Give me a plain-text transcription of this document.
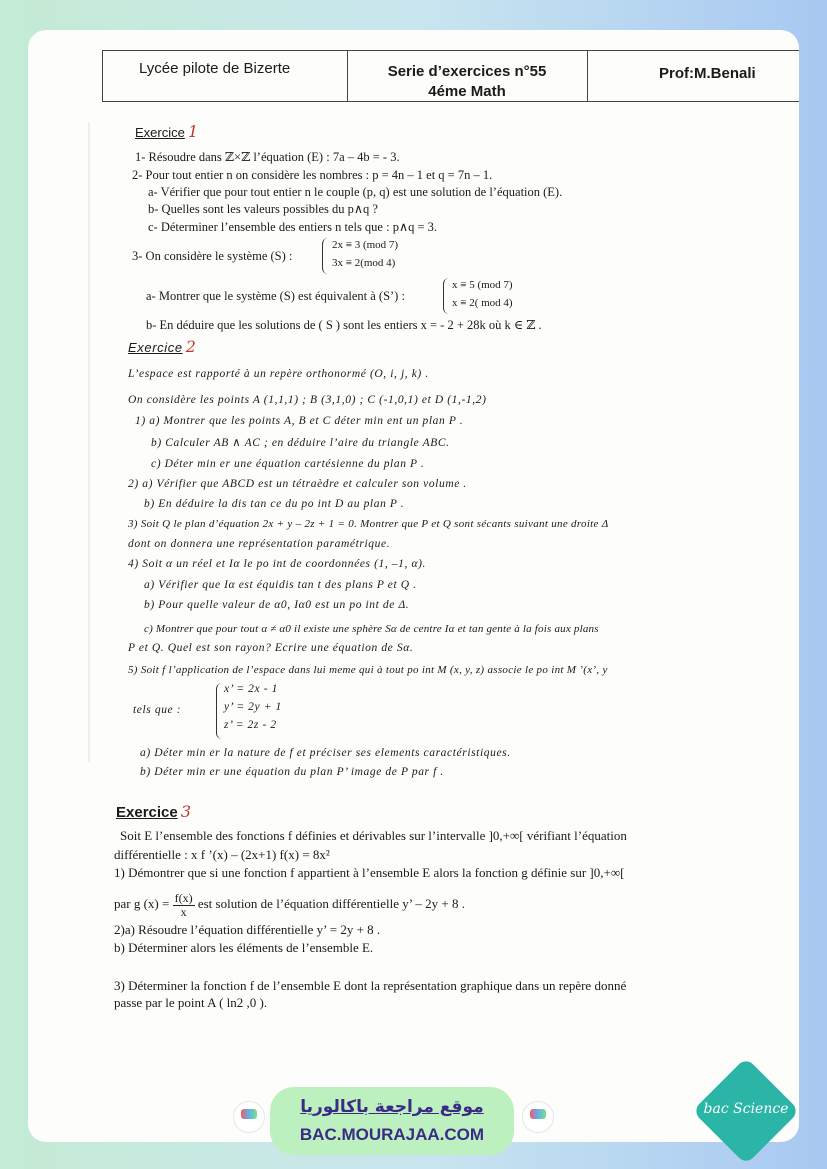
Lycée pilote de Bizerte	Serie d’exercices n°55
4éme Math
Prof:M.Benali
Exercice 1
1- Résoudre dans ℤ×ℤ l’équation (E) : 7a – 4b = - 3.
2- Pour tout entier n on considère les nombres : p = 4n – 1 et q = 7n – 1.
a- Vérifier que pour tout entier n le couple (p, q) est une solution de l’équation (E).
b- Quelles sont les valeurs possibles du p∧q ?
c- Déterminer l’ensemble des entiers n tels que : p∧q = 3.
3- On considère le système (S) :
2x ≡ 3 (mod 7)
3x ≡ 2(mod 4)
a- Montrer que le système (S) est équivalent à (S’) :
x ≡ 5 (mod 7)
x ≡ 2( mod 4)
b- En déduire que les solutions de ( S ) sont les entiers x = - 2 + 28k où k ∈ ℤ .
Exercice 2
L’espace est rapporté à un repère orthonormé (O, i, j, k) .
On considère les points A (1,1,1) ; B (3,1,0) ; C (-1,0,1) et D (1,-1,2)
1) a) Montrer que les points A, B et C déter min ent un plan P .
b) Calculer AB ∧ AC ; en déduire l’aire du triangle ABC.
c) Déter min er une équation cartésienne du plan P .
2) a) Vérifier que ABCD est un tétraèdre et calculer son volume .
b) En déduire la dis tan ce du po int D au plan P .
3) Soit Q le plan d’équation 2x + y – 2z + 1 = 0. Montrer que P et Q sont sécants suivant une droite Δ
dont on donnera une représentation paramétrique.
4) Soit α un réel et Iα le po int de coordonnées (1, –1, α).
a) Vérifier que Iα est équidis tan t des plans P et Q .
b) Pour quelle valeur de α0, Iα0 est un po int de Δ.
c) Montrer que pour tout α ≠ α0 il existe une sphère Sα de centre Iα et tan gente à la fois aux plans
P et Q. Quel est son rayon? Ecrire une équation de Sα.
5) Soit f l’application de l’espace dans lui meme qui à tout po int M (x, y, z) associe le po int M ’(x’, y
tels que :
x’ = 2x - 1
y’ = 2y + 1
z’ = 2z - 2
a) Déter min er la nature de f et préciser ses elements caractéristiques.
b) Déter min er une équation du plan P’ image de P par f .
Exercice 3
Soit E l’ensemble des fonctions f définies et dérivables sur l’intervalle ]0,+∞[ vérifiant l’équation
différentielle : x f ’(x) – (2x+1) f(x) = 8x²
1) Démontrer que si une fonction f appartient à l’ensemble E alors la fonction g définie sur ]0,+∞[
par g $(x) = \frac{f(x)}{x}$ est solution de l’équation différentielle y’ – 2y + 8 .
2)a) Résoudre l’équation différentielle y’ = 2y + 8 .
b) Déterminer alors les éléments de l’ensemble E.
3) Déterminer la fonction f de l’ensemble E dont la représentation graphique dans un repère donné
passe par le point A ( ln2 ,0 ).
موقع مراجعة باكالوريا
BAC.MOURAJAA.COM
bac Science
